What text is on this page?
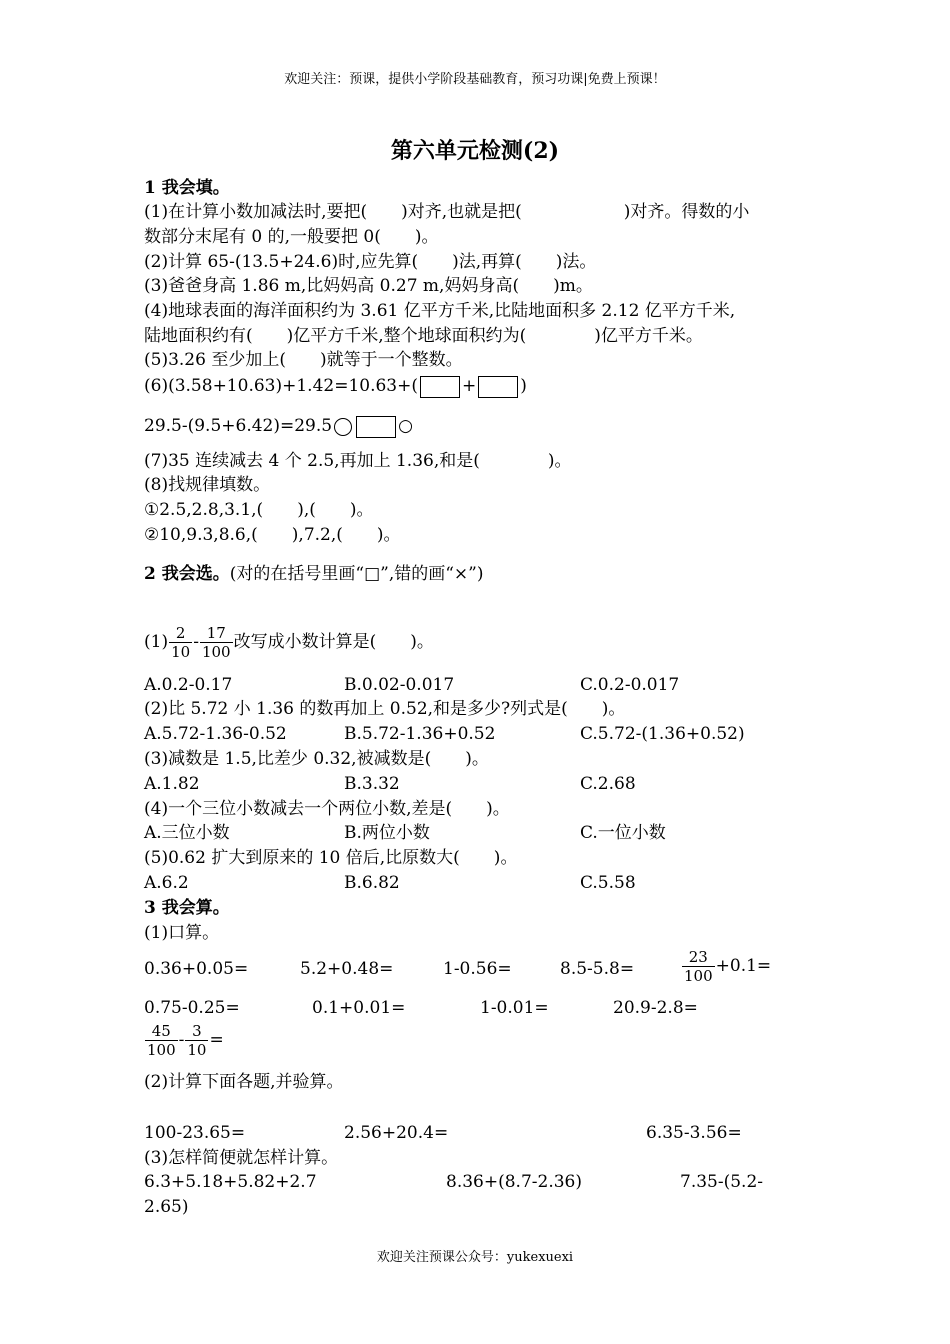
欢迎关注：预课，提供小学阶段基础教育，预习功课|免费上预课！
第六单元检测(2)
1 我会填。
(1)在计算小数加减法时,要把(　　)对齐,也就是把(　　　　　　)对齐。得数的小
数部分末尾有 0 的,一般要把 0(　　)。
(2)计算 65-(13.5+24.6)时,应先算(　　)法,再算(　　)法。
(3)爸爸身高 1.86 m,比妈妈高 0.27 m,妈妈身高(　　)m。
(4)地球表面的海洋面积约为 3.61 亿平方千米,比陆地面积多 2.12 亿平方千米,
陆地面积约有(　　)亿平方千米,整个地球面积约为(　　　　)亿平方千米。
(5)3.26 至少加上(　　)就等于一个整数。
(6)(3.58+10.63)+1.42=10.63+(	+	)
29.5-(9.5+6.42)=29.5	○
(7)35 连续减去 4 个 2.5,再加上 1.36,和是(　　　　)。
(8)找规律填数。
①2.5,2.8,3.1,(　　),(　　)。
②10,9.3,8.6,(　　),7.2,(　　)。
2 我会选。(对的在括号里画“□”,错的画“×”)
$(1) \frac{2}{10} - \frac{17}{100}$ 改写成小数计算是(　　)。
A.0.2-0.17	B.0.02-0.017	C.0.2-0.017
(2)比 5.72 小 1.36 的数再加上 0.52,和是多少?列式是(　　)。
A.5.72-1.36-0.52	B.5.72-1.36+0.52	C.5.72-(1.36+0.52)
(3)减数是 1.5,比差少 0.32,被减数是(　　)。
A.1.82	B.3.32	C.2.68
(4)一个三位小数减去一个两位小数,差是(　　)。
A.三位小数	B.两位小数	C.一位小数
(5)0.62 扩大到原来的 10 倍后,比原数大(　　)。
A.6.2	B.6.82	C.5.58
3 我会算。
(1)口算。
0.36+0.05=	5.2+0.48=	1-0.56=	8.5-5.8=	$\frac{23}{100} +0.1=$
0.75-0.25=	0.1+0.01=	1-0.01=	20.9-2.8=
$\frac{45}{100} - \frac{3}{10}$ =
(2)计算下面各题,并验算。
100-23.65=	2.56+20.4=	6.35-3.56=
(3)怎样简便就怎样计算。
6.3+5.18+5.82+2.7	8.36+(8.7-2.36)	7.35-(5.2-
2.65)
欢迎关注预课公众号：yukexuexi
